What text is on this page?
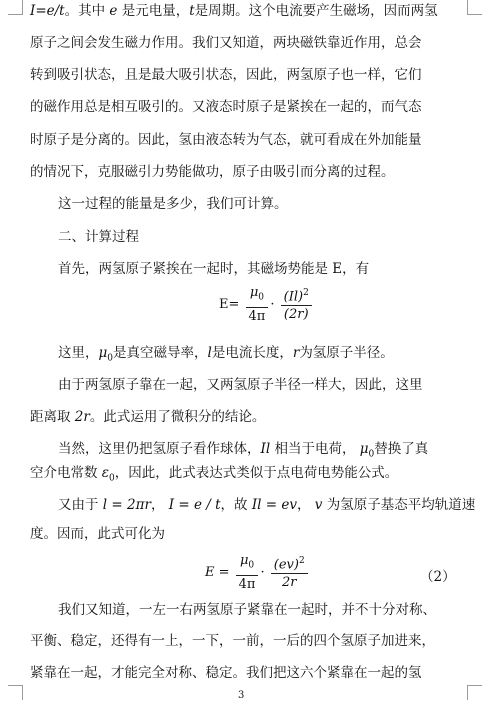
I=e/t。其中 e 是元电量，t是周期。这个电流要产生磁场，因而两氢
原子之间会发生磁力作用。我们又知道，两块磁铁靠近作用，总会
转到吸引状态，且是最大吸引状态，因此，两氢原子也一样，它们
的磁作用总是相互吸引的。又液态时原子是紧挨在一起的，而气态
时原子是分离的。因此，氢由液态转为气态，就可看成在外加能量
的情况下，克服磁引力势能做功，原子由吸引而分离的过程。
这一过程的能量是多少，我们可计算。
二、计算过程
首先，两氢原子紧挨在一起时，其磁场势能是 E，有
$E= \frac{\mu_0}{4\pi} \cdot \frac{(Il)^2}{(2r)}$
这里，$\mu_0$是真空磁导率，l是电流长度，r为氢原子半径。
由于两氢原子靠在一起，又两氢原子半径一样大，因此，这里
距离取 2r。此式运用了微积分的结论。
当然，这里仍把氢原子看作球体，Il 相当于电荷， $\mu_0$替换了真
空介电常数 $\varepsilon_0$，因此，此式表达式类似于点电荷电势能公式。
又由于 l = 2πr， I = e / t，故 Il = ev， v 为氢原子基态平均轨道速
度。因而，此式可化为
$E = \frac{\mu_0}{4\pi} \cdot \frac{(ev)^2}{2r}$	（2）
我们又知道，一左一右两氢原子紧靠在一起时，并不十分对称、
平衡、稳定，还得有一上，一下，一前，一后的四个氢原子加进来，
紧靠在一起，才能完全对称、稳定。我们把这六个紧靠在一起的氢
3
